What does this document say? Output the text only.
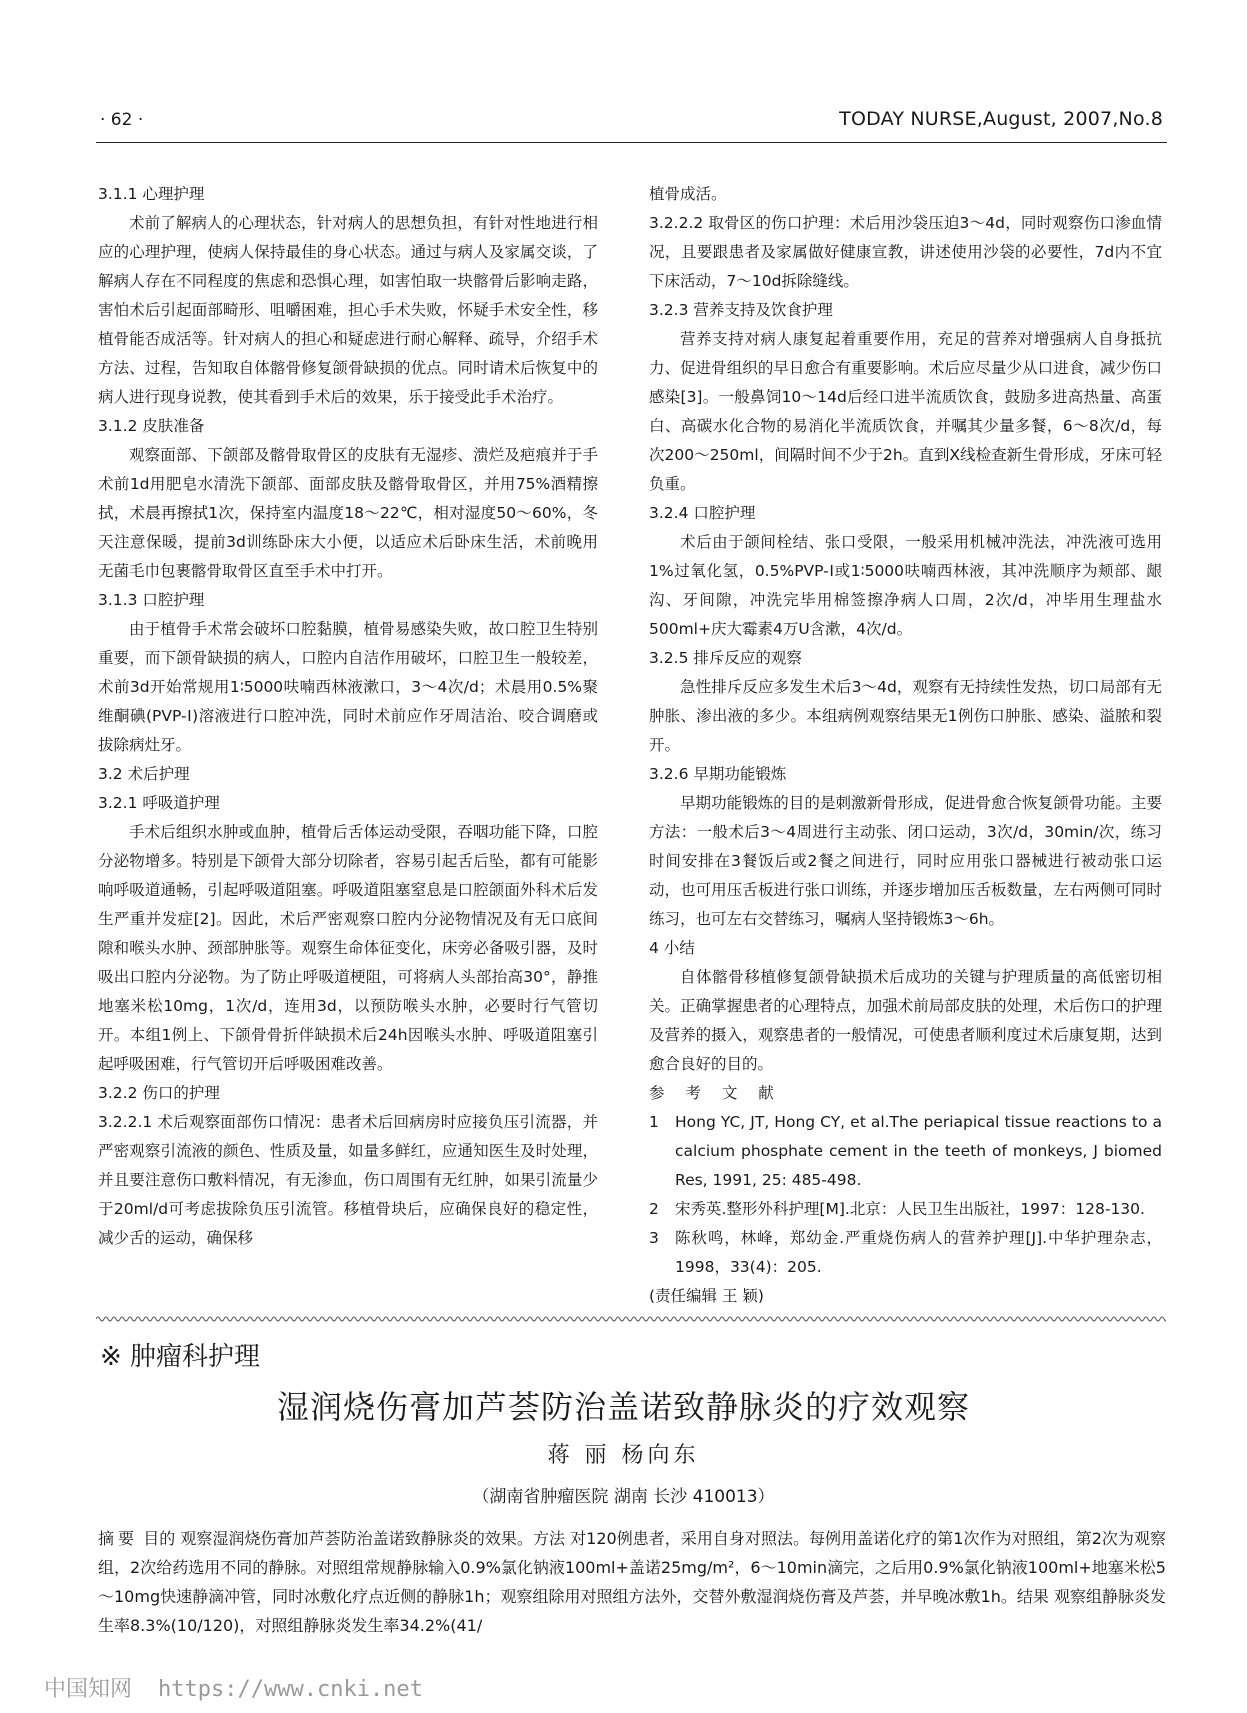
· 62 ·	TODAY NURSE,August, 2007,No.8

3.1.1 心理护理

术前了解病人的心理状态，针对病人的思想负担，有针对性地进行相应的心理护理，使病人保持最佳的身心状态。通过与病人及家属交谈，了解病人存在不同程度的焦虑和恐惧心理，如害怕取一块髂骨后影响走路，害怕术后引起面部畸形、咀嚼困难，担心手术失败，怀疑手术安全性，移植骨能否成活等。针对病人的担心和疑虑进行耐心解释、疏导，介绍手术方法、过程，告知取自体髂骨修复颌骨缺损的优点。同时请术后恢复中的病人进行现身说教，使其看到手术后的效果，乐于接受此手术治疗。

3.1.2 皮肤准备

观察面部、下颌部及髂骨取骨区的皮肤有无湿疹、溃烂及疤痕并于手术前1d用肥皂水清洗下颌部、面部皮肤及髂骨取骨区，并用75%酒精擦拭，术晨再擦拭1次，保持室内温度18～22℃，相对湿度50～60%，冬天注意保暖，提前3d训练卧床大小便，以适应术后卧床生活，术前晚用无菌毛巾包裹髂骨取骨区直至手术中打开。

3.1.3 口腔护理

由于植骨手术常会破坏口腔黏膜，植骨易感染失败，故口腔卫生特别重要，而下颌骨缺损的病人，口腔内自洁作用破坏，口腔卫生一般较差，术前3d开始常规用1∶5000呋喃西林液漱口，3～4次/d；术晨用0.5%聚维酮碘(PVP-Ⅰ)溶液进行口腔冲洗，同时术前应作牙周洁治、咬合调磨或拔除病灶牙。

3.2 术后护理

3.2.1 呼吸道护理

手术后组织水肿或血肿，植骨后舌体运动受限，吞咽功能下降，口腔分泌物增多。特别是下颌骨大部分切除者，容易引起舌后坠，都有可能影响呼吸道通畅，引起呼吸道阻塞。呼吸道阻塞窒息是口腔颌面外科术后发生严重并发症[2]。因此，术后严密观察口腔内分泌物情况及有无口底间隙和喉头水肿、颈部肿胀等。观察生命体征变化，床旁必备吸引器，及时吸出口腔内分泌物。为了防止呼吸道梗阻，可将病人头部抬高30°，静推地塞米松10mg，1次/d，连用3d，以预防喉头水肿，必要时行气管切开。本组1例上、下颌骨骨折伴缺损术后24h因喉头水肿、呼吸道阻塞引起呼吸困难，行气管切开后呼吸困难改善。

3.2.2 伤口的护理

3.2.2.1 术后观察面部伤口情况：患者术后回病房时应接负压引流器，并严密观察引流液的颜色、性质及量，如量多鲜红，应通知医生及时处理，并且要注意伤口敷料情况，有无渗血，伤口周围有无红肿，如果引流量少于20ml/d可考虑拔除负压引流管。移植骨块后，应确保良好的稳定性，减少舌的运动，确保移

植骨成活。

3.2.2.2 取骨区的伤口护理：术后用沙袋压迫3～4d，同时观察伤口渗血情况，且要跟患者及家属做好健康宣教，讲述使用沙袋的必要性，7d内不宜下床活动，7～10d拆除缝线。

3.2.3 营养支持及饮食护理

营养支持对病人康复起着重要作用，充足的营养对增强病人自身抵抗力、促进骨组织的早日愈合有重要影响。术后应尽量少从口进食，减少伤口感染[3]。一般鼻饲10～14d后经口进半流质饮食，鼓励多进高热量、高蛋白、高碳水化合物的易消化半流质饮食，并嘱其少量多餐，6～8次/d，每次200～250ml，间隔时间不少于2h。直到X线检查新生骨形成，牙床可轻负重。

3.2.4 口腔护理

术后由于颌间栓结、张口受限，一般采用机械冲洗法，冲洗液可选用1%过氧化氢，0.5%PVP-Ⅰ或1∶5000呋喃西林液，其冲洗顺序为颊部、龈沟、牙间隙，冲洗完毕用棉签擦净病人口周，2次/d，冲毕用生理盐水500ml+庆大霉素4万U含漱，4次/d。

3.2.5 排斥反应的观察

急性排斥反应多发生术后3～4d，观察有无持续性发热，切口局部有无肿胀、渗出液的多少。本组病例观察结果无1例伤口肿胀、感染、溢脓和裂开。

3.2.6 早期功能锻炼

早期功能锻炼的目的是刺激新骨形成，促进骨愈合恢复颌骨功能。主要方法：一般术后3～4周进行主动张、闭口运动，3次/d，30min/次，练习时间安排在3餐饭后或2餐之间进行，同时应用张口器械进行被动张口运动，也可用压舌板进行张口训练，并逐步增加压舌板数量，左右两侧可同时练习，也可左右交替练习，嘱病人坚持锻炼3～6h。

4 小结

自体髂骨移植修复颌骨缺损术后成功的关键与护理质量的高低密切相关。正确掌握患者的心理特点，加强术前局部皮肤的处理，术后伤口的护理及营养的摄入，观察患者的一般情况，可使患者顺利度过术后康复期，达到愈合良好的目的。

参 考 文 献

1	Hong YC, JT, Hong CY, et al.The periapical tissue reactions to a calcium phosphate cement in the teeth of monkeys, J biomed Res, 1991, 25: 485-498.
2	宋秀英.整形外科护理[M].北京：人民卫生出版社，1997：128-130.
3	陈秋鸣，林峰，郑幼金.严重烧伤病人的营养护理[J].中华护理杂志，1998，33(4)：205.

(责任编辑 王 颖)

※ 肿瘤科护理
湿润烧伤膏加芦荟防治盖诺致静脉炎的疗效观察
蒋 丽 杨向东
（湖南省肿瘤医院 湖南 长沙 410013）

摘要 目的 观察湿润烧伤膏加芦荟防治盖诺致静脉炎的效果。方法 对120例患者，采用自身对照法。每例用盖诺化疗的第1次作为对照组，第2次为观察组，2次给药选用不同的静脉。对照组常规静脉输入0.9%氯化钠液100ml+盖诺25mg/m²，6～10min滴完，之后用0.9%氯化钠液100ml+地塞米松5～10mg快速静滴冲管，同时冰敷化疗点近侧的静脉1h；观察组除用对照组方法外，交替外敷湿润烧伤膏及芦荟，并早晚冰敷1h。结果 观察组静脉炎发生率8.3%(10/120)，对照组静脉炎发生率34.2%(41/

中国知网 https://www.cnki.net
